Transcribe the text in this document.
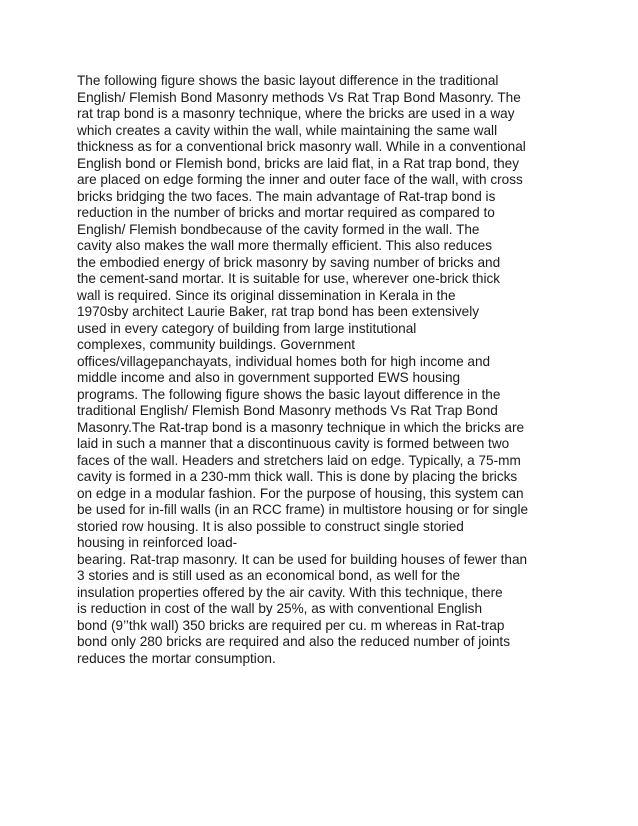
The following figure shows the basic layout difference in the traditional
English/ Flemish Bond Masonry methods Vs Rat Trap Bond Masonry. The
rat trap bond is a masonry technique, where the bricks are used in a way
which creates a cavity within the wall, while maintaining the same wall
thickness as for a conventional brick masonry wall. While in a conventional
English bond or Flemish bond, bricks are laid flat, in a Rat trap bond, they
are placed on edge forming the inner and outer face of the wall, with cross
bricks bridging the two faces. The main advantage of Rat-trap bond is
reduction in the number of bricks and mortar required as compared to
English/ Flemish bondbecause of the cavity formed in the wall. The
cavity also makes the wall more thermally efficient. This also reduces
the embodied energy of brick masonry by saving number of bricks and
the cement-sand mortar. It is suitable for use, wherever one-brick thick
wall is required. Since its original dissemination in Kerala in the
1970sby architect Laurie Baker, rat trap bond has been extensively
used in every category of building from large institutional
complexes, community buildings. Government
offices/villagepanchayats, individual homes both for high income and
middle income and also in government supported EWS housing
programs. The following figure shows the basic layout difference in the
traditional English/ Flemish Bond Masonry methods Vs Rat Trap Bond
Masonry.The Rat-trap bond is a masonry technique in which the bricks are
laid in such a manner that a discontinuous cavity is formed between two
faces of the wall. Headers and stretchers laid on edge. Typically, a 75-mm
cavity is formed in a 230-mm thick wall. This is done by placing the bricks
on edge in a modular fashion. For the purpose of housing, this system can
be used for in-fill walls (in an RCC frame) in multistore housing or for single
storied row housing. It is also possible to construct single storied
housing in reinforced load-
bearing. Rat-trap masonry. It can be used for building houses of fewer than
3 stories and is still used as an economical bond, as well for the
insulation properties offered by the air cavity. With this technique, there
is reduction in cost of the wall by 25%, as with conventional English
bond (9’’thk wall) 350 bricks are required per cu. m whereas in Rat-trap
bond only 280 bricks are required and also the reduced number of joints
reduces the mortar consumption.
